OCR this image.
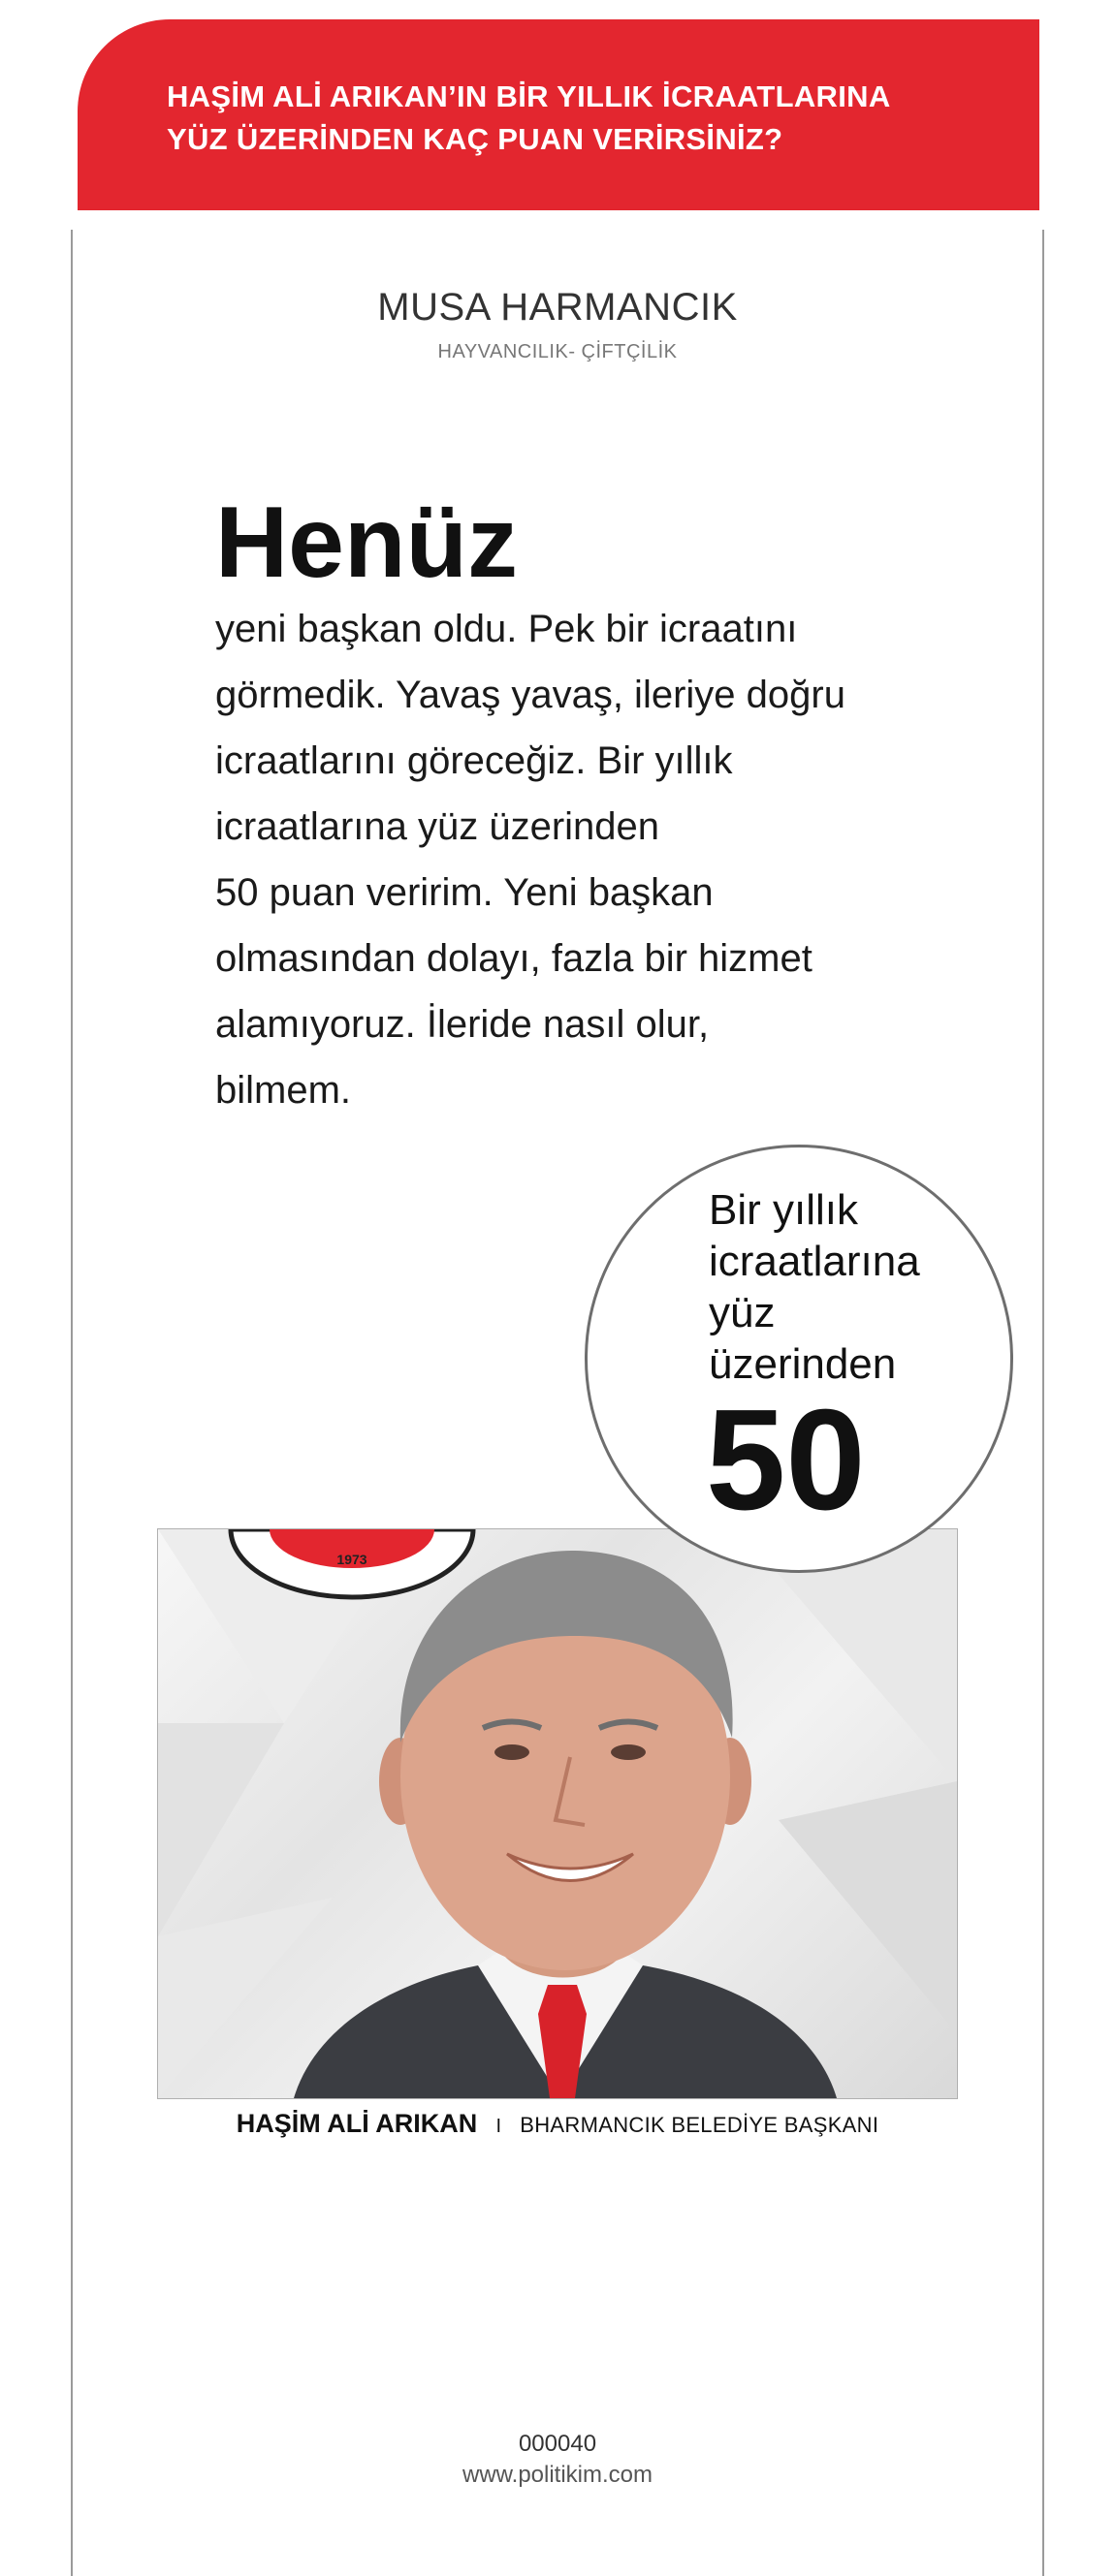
HAŞİM ALİ ARIKAN’IN BİR YILLIK İCRAATLARINA
YÜZ ÜZERİNDEN KAÇ PUAN VERİRSİNİZ?
MUSA HARMANCIK
HAYVANCILIK- ÇİFTÇİLİK
Henüz
yeni başkan oldu. Pek bir icraatını
görmedik. Yavaş yavaş, ileriye doğru
icraatlarını göreceğiz. Bir yıllık
icraatlarına yüz üzerinden
50 puan veririm. Yeni başkan
olmasından dolayı, fazla bir hizmet
alamıyoruz. İleride nasıl olur,
bilmem.
1973
Bir yıllık
icraatlarına
yüz
üzerinden
50
HAŞİM ALİ ARIKAN I BHARMANCIK BELEDİYE BAŞKANI
000040
www.politikim.com
